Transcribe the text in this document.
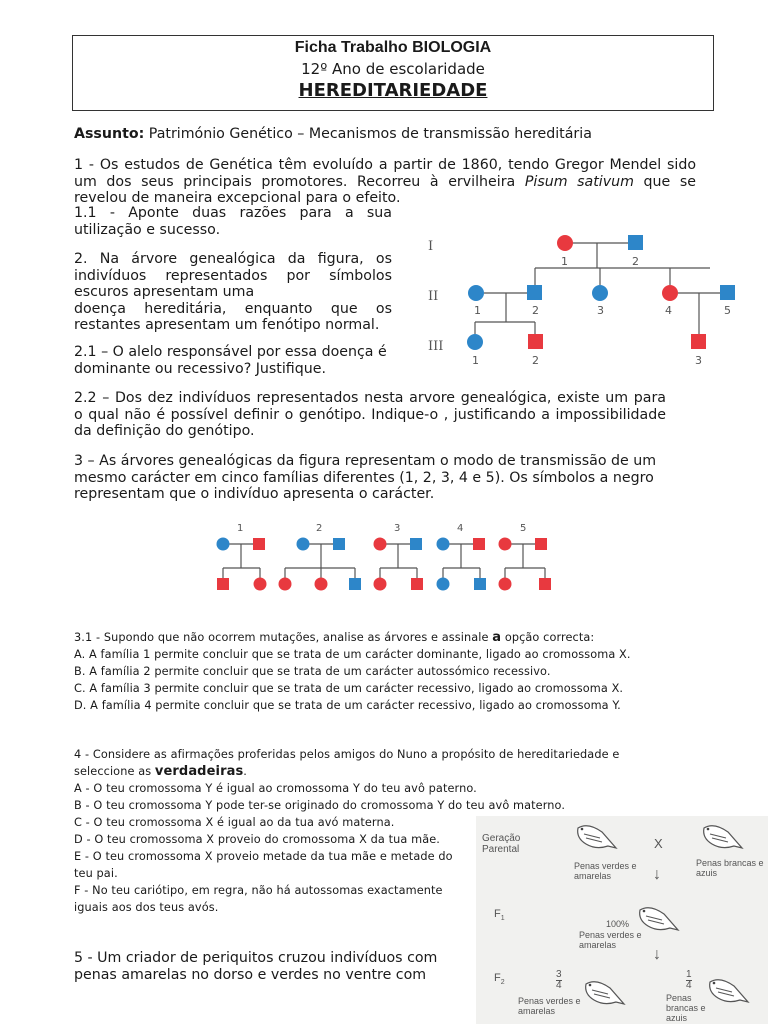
Ficha Trabalho BIOLOGIA
12º Ano de escolaridade
HEREDITARIEDADE
Assunto: Património Genético – Mecanismos de transmissão hereditária
1 - Os estudos de Genética têm evoluído a partir de 1860, tendo Gregor Mendel sido um dos seus principais promotores. Recorreu à ervilheira Pisum sativum que se revelou de maneira excepcional para o efeito.
1.1 - Aponte duas razões para a sua utilização e sucesso.
2. Na árvore genealógica da figura, os indivíduos representados por símbolos escuros apresentam uma
doença hereditária, enquanto que os restantes apresentam um fenótipo normal.
2.1 – O alelo responsável por essa doença é dominante ou recessivo? Justifique.
2.2 – Dos dez indivíduos representados nesta arvore genealógica, existe um para o qual não é possível definir o genótipo. Indique-o , justificando a impossibilidade da definição do genótipo.
I
II
III
1	2
1	2	3	4	5
1	2	3
3 – As árvores genealógicas da figura representam o modo de transmissão de um mesmo carácter em cinco famílias diferentes (1, 2, 3, 4 e 5). Os símbolos a negro representam que o indivíduo apresenta o carácter.
1	2	3	4	5
3.1 - Supondo que não ocorrem mutações, analise as árvores e assinale a opção correcta:
A. A família 1 permite concluir que se trata de um carácter dominante, ligado ao cromossoma X.
B. A família 2 permite concluir que se trata de um carácter autossómico recessivo.
C. A família 3 permite concluir que se trata de um carácter recessivo, ligado ao cromossoma X.
D. A família 4 permite concluir que se trata de um carácter recessivo, ligado ao cromossoma Y.
4 - Considere as afirmações proferidas pelos amigos do Nuno a propósito de hereditariedade e seleccione as verdadeiras.
A - O teu cromossoma Y é igual ao cromossoma Y do teu avô paterno.
B - O teu cromossoma Y pode ter-se originado do cromossoma Y do teu avô materno.
C - O teu cromossoma X é igual ao da tua avó materna.
D - O teu cromossoma X proveio do cromossoma X da tua mãe.
E - O teu cromossoma X proveio metade da tua mãe e metade do teu pai.
F - No teu cariótipo, em regra, não há autossomas exactamente iguais aos dos teus avós.
5 - Um criador de periquitos cruzou indivíduos com penas amarelas no dorso e verdes no ventre com
Geração Parental	X
Penas verdes e amarelas
Penas brancas e azuis
↓
$F_1$
100%
Penas verdes e amarelas
↓
$F_2$	$\frac{3}{4}$	$\frac{1}{4}$
Penas verdes e amarelas
Penas brancas e azuis
